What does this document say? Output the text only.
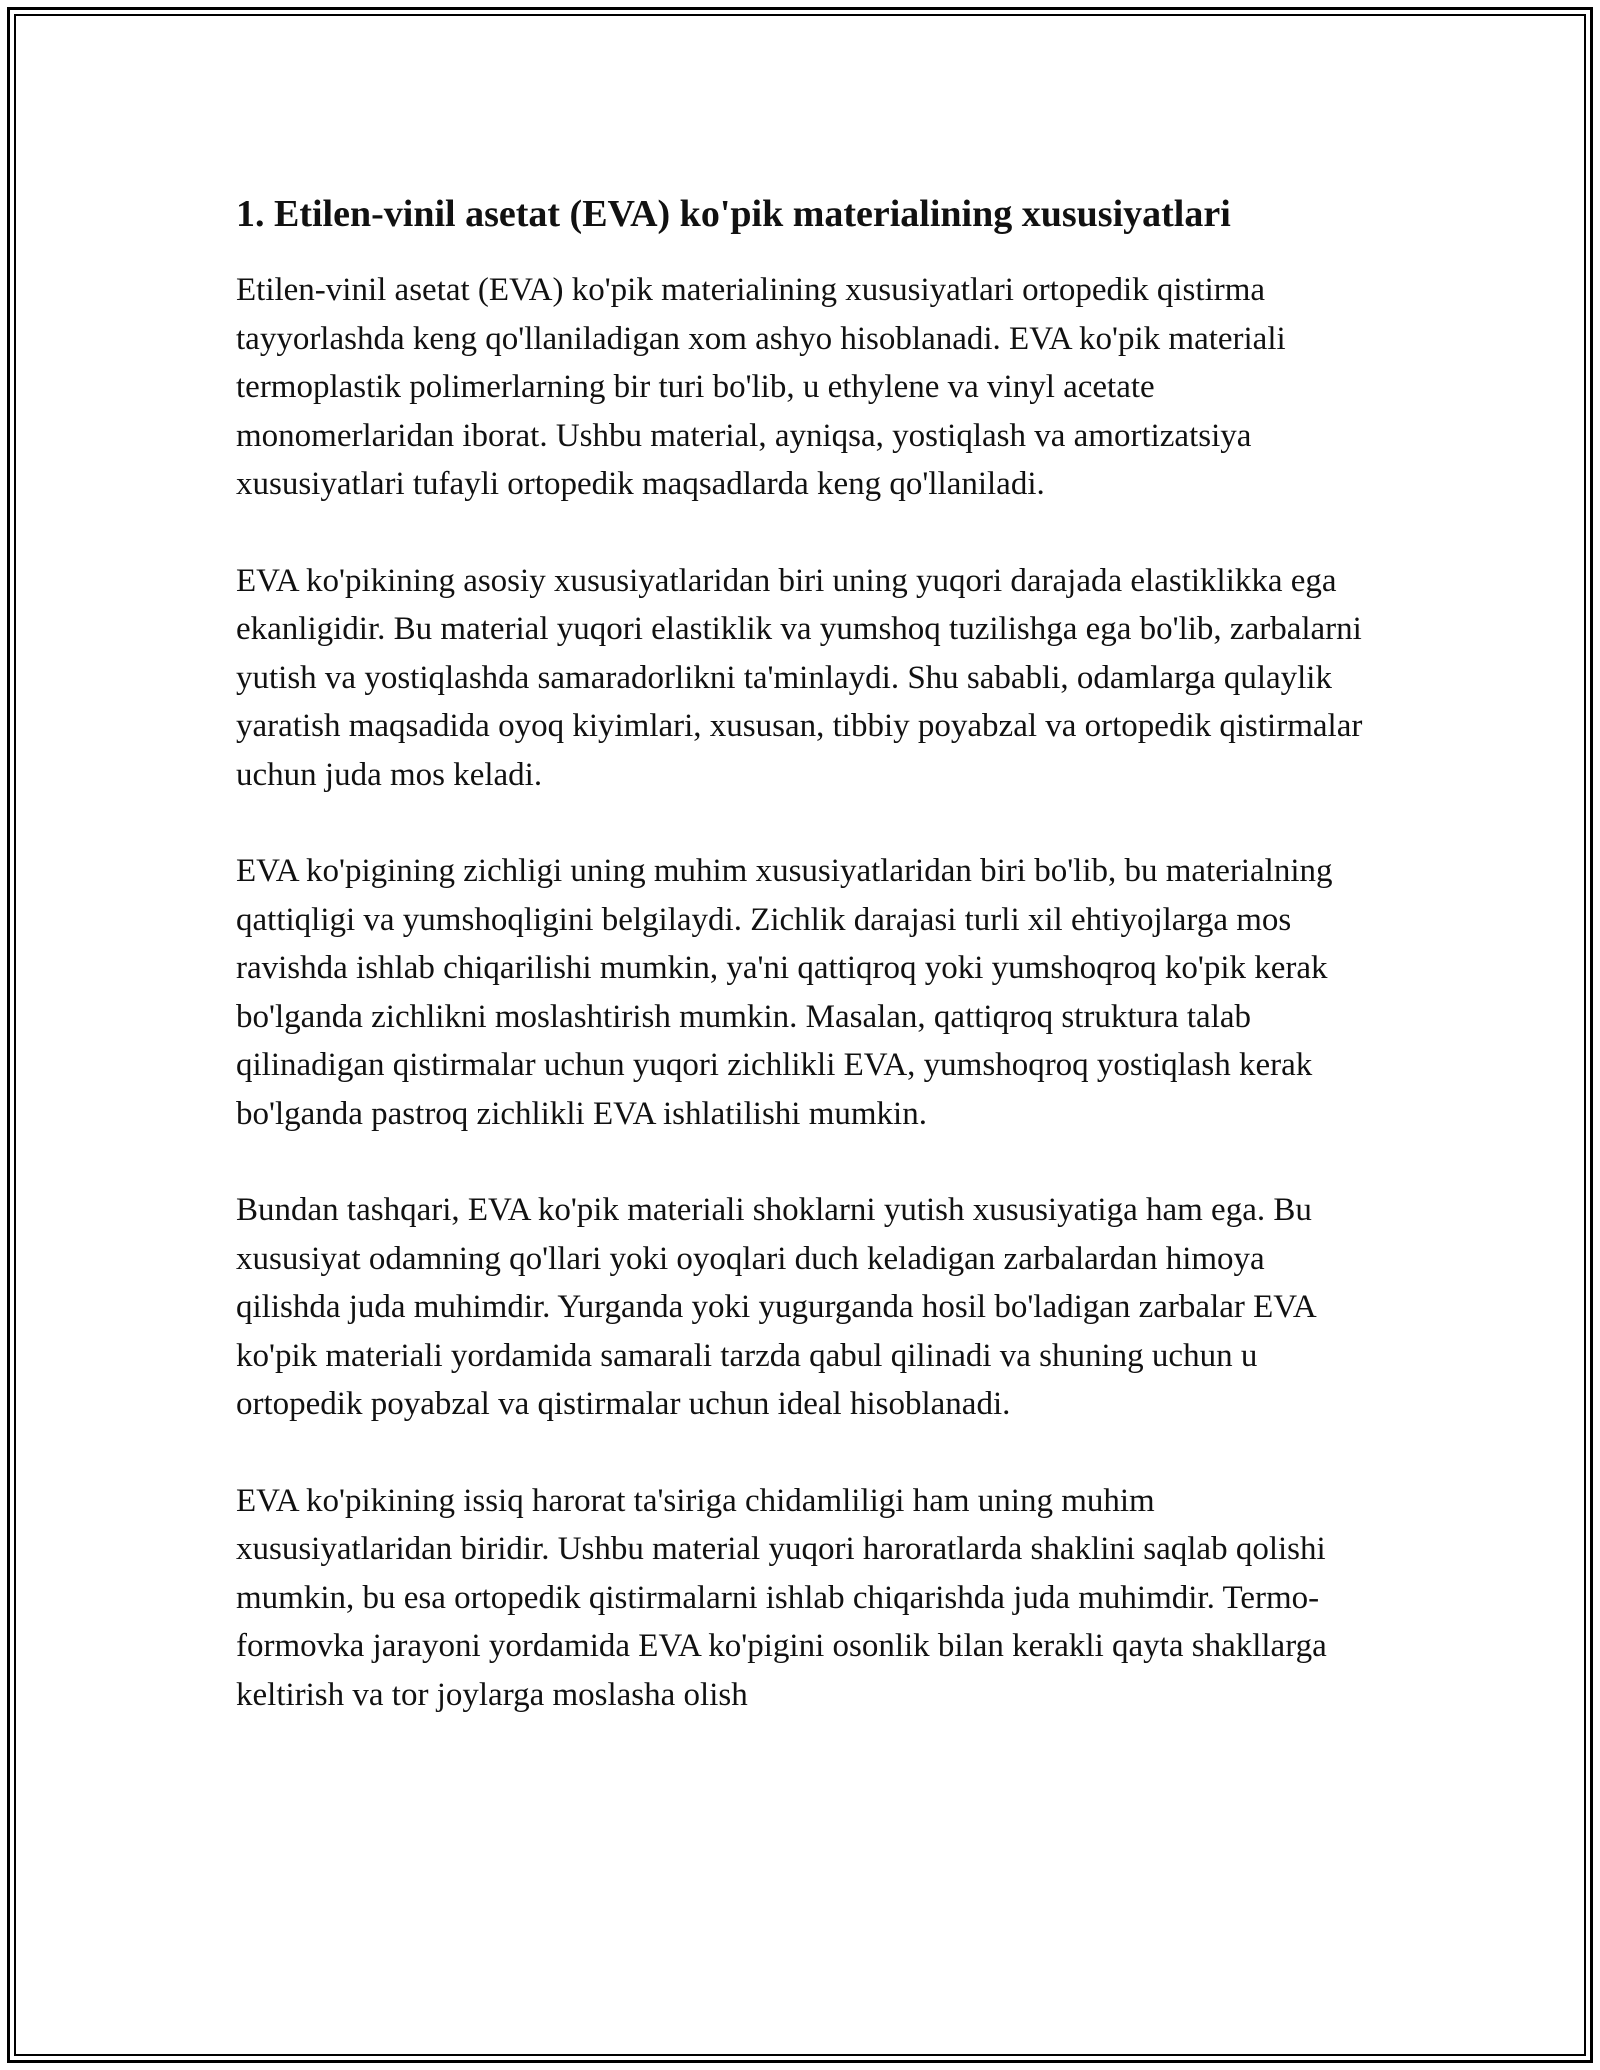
1. Etilen-vinil asetat (EVA) ko'pik materialining xususiyatlari

Etilen-vinil asetat (EVA) ko'pik materialining xususiyatlari ortopedik qistirma tayyorlashda keng qo'llaniladigan xom ashyo hisoblanadi. EVA ko'pik materiali termoplastik polimerlarning bir turi bo'lib, u ethylene va vinyl acetate monomerlaridan iborat. Ushbu material, ayniqsa, yostiqlash va amortizatsiya xususiyatlari tufayli ortopedik maqsadlarda keng qo'llaniladi.

EVA ko'pikining asosiy xususiyatlaridan biri uning yuqori darajada elastiklikka ega ekanligidir. Bu material yuqori elastiklik va yumshoq tuzilishga ega bo'lib, zarbalarni yutish va yostiqlashda samaradorlikni ta'minlaydi. Shu sababli, odamlarga qulaylik yaratish maqsadida oyoq kiyimlari, xususan, tibbiy poyabzal va ortopedik qistirmalar uchun juda mos keladi.

EVA ko'pigining zichligi uning muhim xususiyatlaridan biri bo'lib, bu materialning qattiqligi va yumshoqligini belgilaydi. Zichlik darajasi turli xil ehtiyojlarga mos ravishda ishlab chiqarilishi mumkin, ya'ni qattiqroq yoki yumshoqroq ko'pik kerak bo'lganda zichlikni moslashtirish mumkin. Masalan, qattiqroq struktura talab qilinadigan qistirmalar uchun yuqori zichlikli EVA, yumshoqroq yostiqlash kerak bo'lganda pastroq zichlikli EVA ishlatilishi mumkin.

Bundan tashqari, EVA ko'pik materiali shoklarni yutish xususiyatiga ham ega. Bu xususiyat odamning qo'llari yoki oyoqlari duch keladigan zarbalardan himoya qilishda juda muhimdir. Yurganda yoki yugurganda hosil bo'ladigan zarbalar EVA ko'pik materiali yordamida samarali tarzda qabul qilinadi va shuning uchun u ortopedik poyabzal va qistirmalar uchun ideal hisoblanadi.

EVA ko'pikining issiq harorat ta'siriga chidamliligi ham uning muhim xususiyatlaridan biridir. Ushbu material yuqori haroratlarda shaklini saqlab qolishi mumkin, bu esa ortopedik qistirmalarni ishlab chiqarishda juda muhimdir. Termo-formovka jarayoni yordamida EVA ko'pigini osonlik bilan kerakli qayta shakllarga keltirish va tor joylarga moslasha olish
